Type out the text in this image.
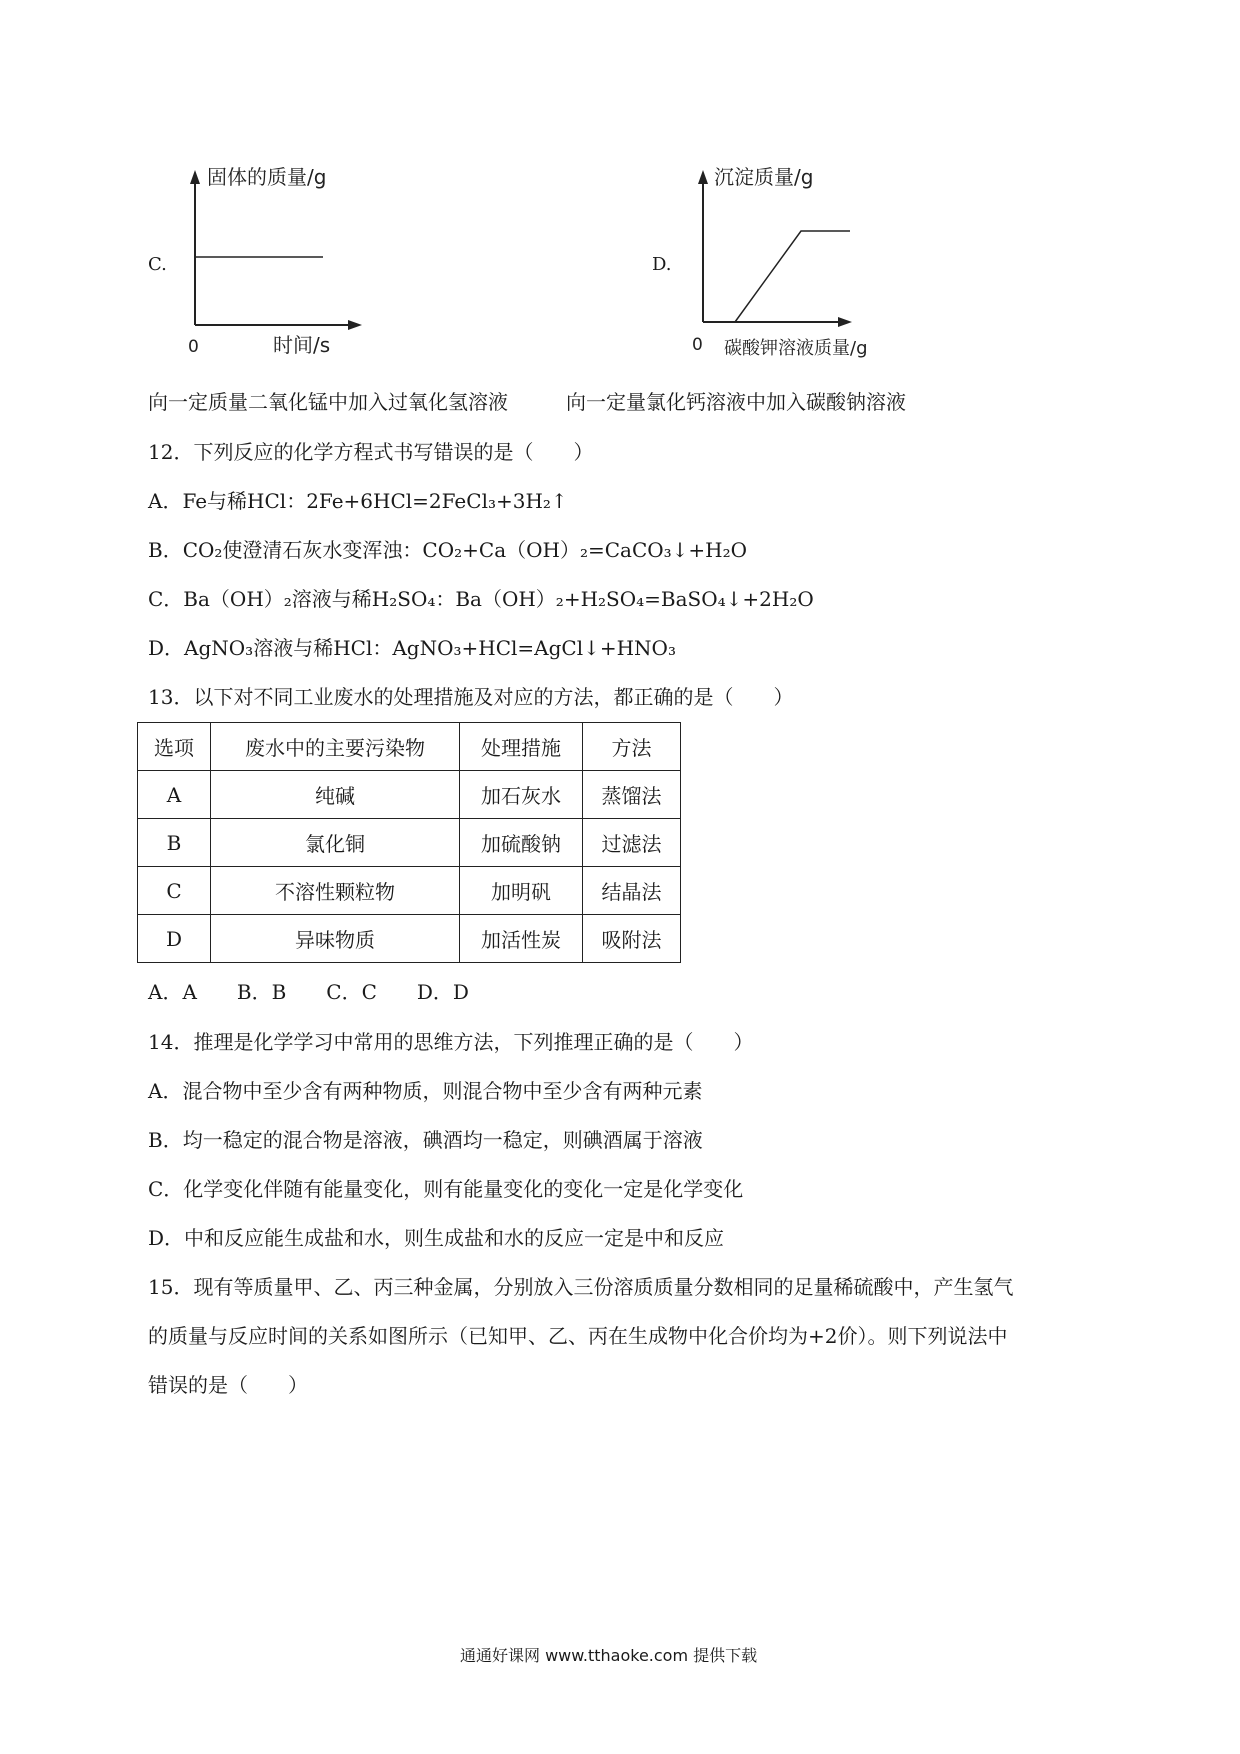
C.
固体的质量/g
0	时间/s
D.
沉淀质量/g
0 碳酸钾溶液质量/g
向一定质量二氧化锰中加入过氧化氢溶液	向一定量氯化钙溶液中加入碳酸钠溶液
12．下列反应的化学方程式书写错误的是（　　）
A．Fe与稀HCl：2Fe+6HCl=2FeCl₃+3H₂↑
B．CO₂使澄清石灰水变浑浊：CO₂+Ca（OH）₂=CaCO₃↓+H₂O
C．Ba（OH）₂溶液与稀H₂SO₄：Ba（OH）₂+H₂SO₄=BaSO₄↓+2H₂O
D．AgNO₃溶液与稀HCl：AgNO₃+HCl=AgCl↓+HNO₃
13．以下对不同工业废水的处理措施及对应的方法，都正确的是（　　）
选项	废水中的主要污染物	处理措施	方法
A	纯碱	加石灰水	蒸馏法
B	氯化铜	加硫酸钠	过滤法
C	不溶性颗粒物	加明矾	结晶法
D	异味物质	加活性炭	吸附法
A．A　　B．B　　C．C　　D．D
14．推理是化学学习中常用的思维方法，下列推理正确的是（　　）
A．混合物中至少含有两种物质，则混合物中至少含有两种元素
B．均一稳定的混合物是溶液，碘酒均一稳定，则碘酒属于溶液
C．化学变化伴随有能量变化，则有能量变化的变化一定是化学变化
D．中和反应能生成盐和水，则生成盐和水的反应一定是中和反应
15．现有等质量甲、乙、丙三种金属，分别放入三份溶质质量分数相同的足量稀硫酸中，产生氢气
的质量与反应时间的关系如图所示（已知甲、乙、丙在生成物中化合价均为+2价）。则下列说法中
错误的是（　　）
通通好课网 www.tthaoke.com 提供下载
